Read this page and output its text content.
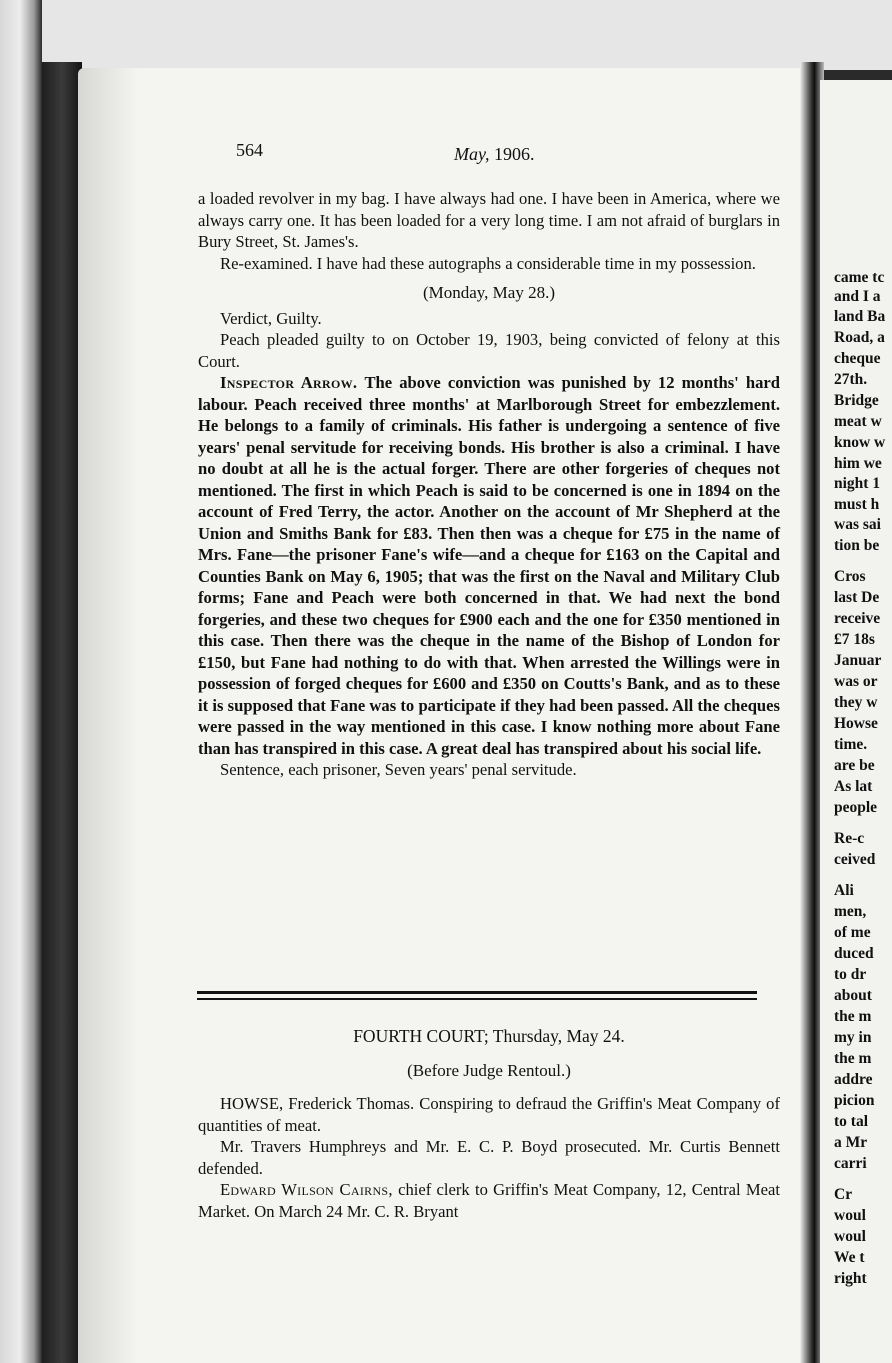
came tc
and I a
land Ba
Road, a
cheque
27th.
Bridge
meat w
know w
him we
night 1
must h
was sai
tion be
Cros
last De
receive
£7 18s
Januar
was or
they w
Howse
time.
are be
As lat
people
Re-c
ceived
Ali
men,
of me
duced
to dr
about
the m
my in
the m
addre
picion
to tal
a Mr
carri
Cr
woul
woul
We t
right
564	May, 1906.

a loaded revolver in my bag. I have always had one. I have been in America, where we always carry one. It has been loaded for a very long time. I am not afraid of burglars in Bury Street, St. James's.

Re-examined. I have had these autographs a considerable time in my possession.

(Monday, May 28.)

Verdict, Guilty.

Peach pleaded guilty to on October 19, 1903, being convicted of felony at this Court.

Inspector Arrow. The above conviction was punished by 12 months' hard labour. Peach received three months' at Marlborough Street for embezzlement. He belongs to a family of criminals. His father is undergoing a sentence of five years' penal servitude for receiving bonds. His brother is also a criminal. I have no doubt at all he is the actual forger. There are other forgeries of cheques not mentioned. The first in which Peach is said to be concerned is one in 1894 on the account of Fred Terry, the actor. Another on the account of Mr Shepherd at the Union and Smiths Bank for £83. Then then was a cheque for £75 in the name of Mrs. Fane—the prisoner Fane's wife—and a cheque for £163 on the Capital and Counties Bank on May 6, 1905; that was the first on the Naval and Military Club forms; Fane and Peach were both concerned in that. We had next the bond forgeries, and these two cheques for £900 each and the one for £350 mentioned in this case. Then there was the cheque in the name of the Bishop of London for £150, but Fane had nothing to do with that. When arrested the Willings were in possession of forged cheques for £600 and £350 on Coutts's Bank, and as to these it is supposed that Fane was to participate if they had been passed. All the cheques were passed in the way mentioned in this case. I know nothing more about Fane than has transpired in this case. A great deal has transpired about his social life.

Sentence, each prisoner, Seven years' penal servitude.

FOURTH COURT; Thursday, May 24.

(Before Judge Rentoul.)

HOWSE, Frederick Thomas. Conspiring to defraud the Griffin's Meat Company of quantities of meat.

Mr. Travers Humphreys and Mr. E. C. P. Boyd prosecuted. Mr. Curtis Bennett defended.

Edward Wilson Cairns, chief clerk to Griffin's Meat Company, 12, Central Meat Market. On March 24 Mr. C. R. Bryant
